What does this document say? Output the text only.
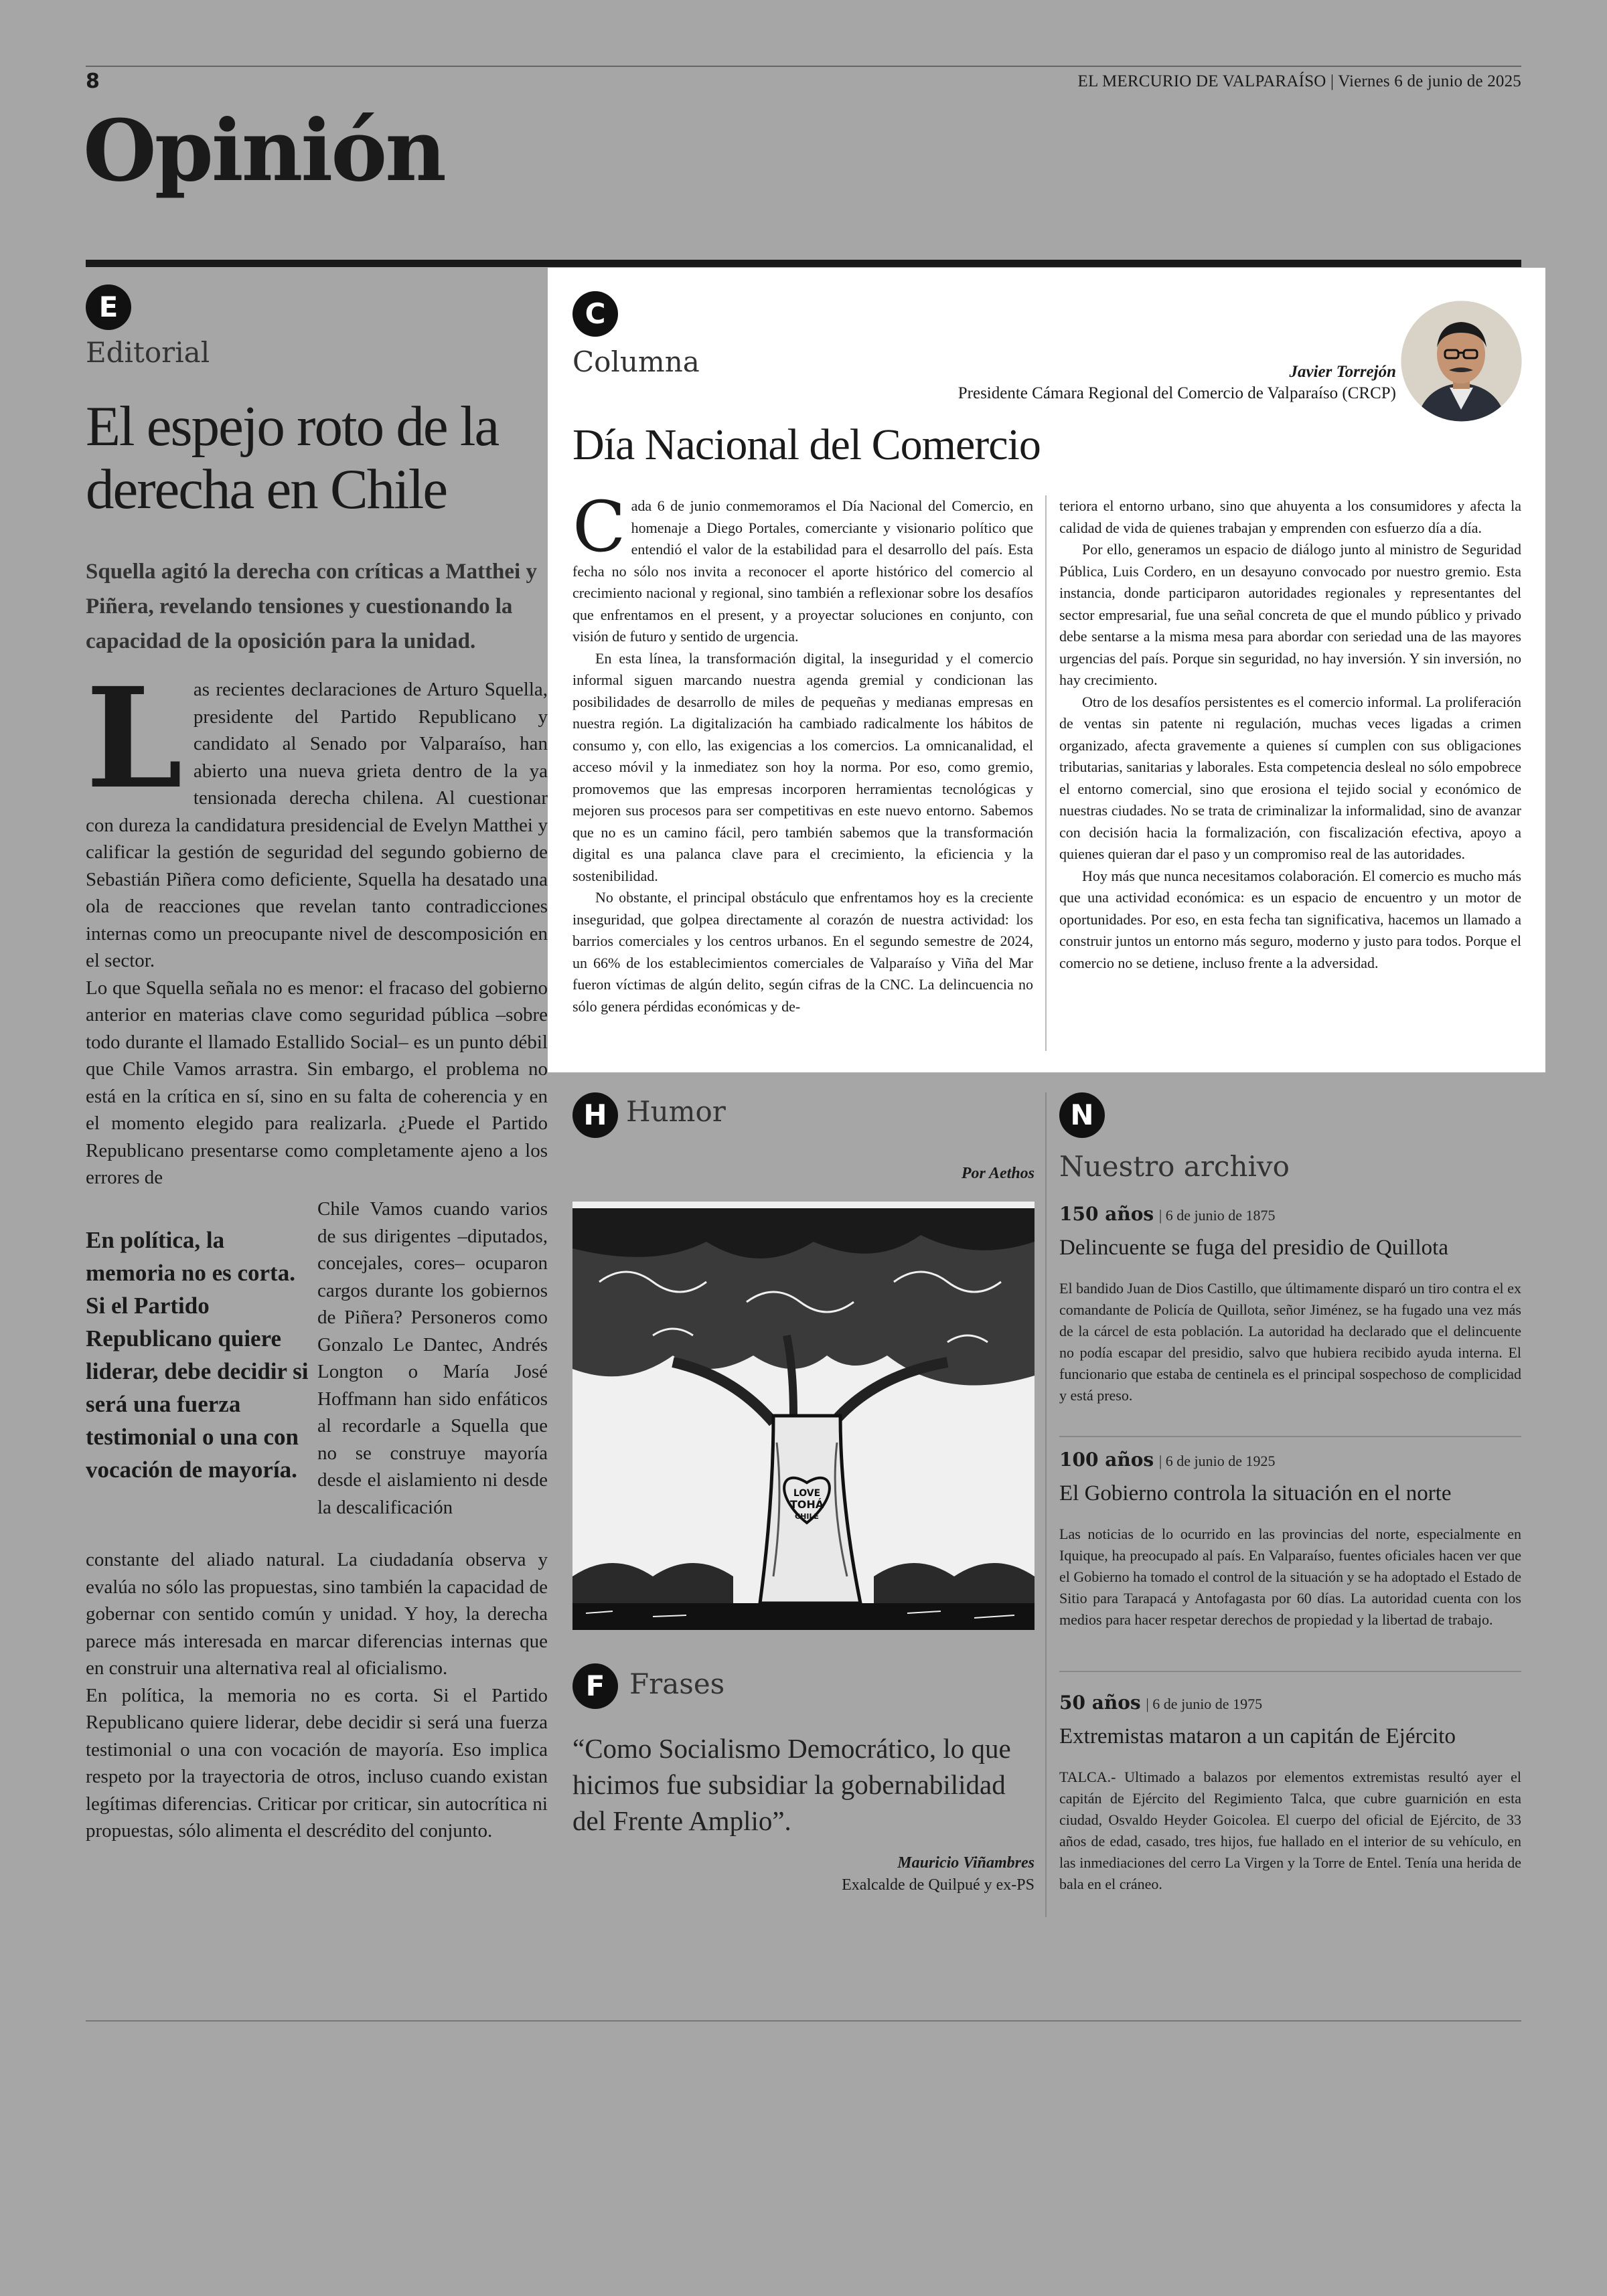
8	EL MERCURIO DE VALPARAÍSO | Viernes 6 de junio de 2025
Opinión
E
Editorial
El espejo roto de la derecha en Chile
Squella agitó la derecha con críticas a Matthei y Piñera, revelando tensiones y cuestionando la capacidad de la oposición para la unidad.
L as recientes declaraciones de Arturo Squella, presidente del Partido Republicano y candidato al Senado por Valparaíso, han abierto una nueva grieta dentro de la ya tensionada derecha chilena. Al cuestionar con dureza la candidatura presidencial de Evelyn Matthei y calificar la gestión de seguridad del segundo gobierno de Sebastián Piñera como deficiente, Squella ha desatado una ola de reacciones que revelan tanto contradicciones internas como un preocupante nivel de descomposición en el sector.

Lo que Squella señala no es menor: el fracaso del gobierno anterior en materias clave como seguridad pública –sobre todo durante el llamado Estallido Social– es un punto débil que Chile Vamos arrastra. Sin embargo, el problema no está en la crítica en sí, sino en su falta de coherencia y en el momento elegido para realizarla. ¿Puede el Partido Republicano presentarse como completamente ajeno a los errores de

En política, la memoria no es corta. Si el Partido Republicano quiere liderar, debe decidir si será una fuerza testimonial o una con vocación de mayoría.
Chile Vamos cuando varios de sus dirigentes –diputados, concejales, cores– ocuparon cargos durante los gobiernos de Piñera? Personeros como Gonzalo Le Dantec, Andrés Longton o María José Hoffmann han sido enfáticos al recordarle a Squella que no se construye mayoría desde el aislamiento ni desde la descalificación

constante del aliado natural. La ciudadanía observa y evalúa no sólo las propuestas, sino también la capacidad de gobernar con sentido común y unidad. Y hoy, la derecha parece más interesada en marcar diferencias internas que en construir una alternativa real al oficialismo.

En política, la memoria no es corta. Si el Partido Republicano quiere liderar, debe decidir si será una fuerza testimonial o una con vocación de mayoría. Eso implica respeto por la trayectoria de otros, incluso cuando existan legítimas diferencias. Criticar por criticar, sin autocrítica ni propuestas, sólo alimenta el descrédito del conjunto.

C
Columna	Javier Torrejón
Presidente Cámara Regional del Comercio de Valparaíso (CRCP)
Día Nacional del Comercio

Cada 6 de junio conmemoramos el Día Nacional del Comercio, en homenaje a Diego Portales, comerciante y visionario político que entendió el valor de la estabilidad para el desarrollo del país. Esta fecha no sólo nos invita a reconocer el aporte histórico del comercio al crecimiento nacional y regional, sino también a reflexionar sobre los desafíos que enfrentamos en el present, y a proyectar soluciones en conjunto, con visión de futuro y sentido de urgencia.

En esta línea, la transformación digital, la inseguridad y el comercio informal siguen marcando nuestra agenda gremial y condicionan las posibilidades de desarrollo de miles de pequeñas y medianas empresas en nuestra región. La digitalización ha cambiado radicalmente los hábitos de consumo y, con ello, las exigencias a los comercios. La omnicanalidad, el acceso móvil y la inmediatez son hoy la norma. Por eso, como gremio, promovemos que las empresas incorporen herramientas tecnológicas y mejoren sus procesos para ser competitivas en este nuevo entorno. Sabemos que no es un camino fácil, pero también sabemos que la transformación digital es una palanca clave para el crecimiento, la eficiencia y la sostenibilidad.

No obstante, el principal obstáculo que enfrentamos hoy es la creciente inseguridad, que golpea directamente al corazón de nuestra actividad: los barrios comerciales y los centros urbanos. En el segundo semestre de 2024, un 66% de los establecimientos comerciales de Valparaíso y Viña del Mar fueron víctimas de algún delito, según cifras de la CNC. La delincuencia no sólo genera pérdidas económicas y de-

teriora el entorno urbano, sino que ahuyenta a los consumidores y afecta la calidad de vida de quienes trabajan y emprenden con esfuerzo día a día.

Por ello, generamos un espacio de diálogo junto al ministro de Seguridad Pública, Luis Cordero, en un desayuno convocado por nuestro gremio. Esta instancia, donde participaron autoridades regionales y representantes del sector empresarial, fue una señal concreta de que el mundo público y privado debe sentarse a la misma mesa para abordar con seriedad una de las mayores urgencias del país. Porque sin seguridad, no hay inversión. Y sin inversión, no hay crecimiento.

Otro de los desafíos persistentes es el comercio informal. La proliferación de ventas sin patente ni regulación, muchas veces ligadas a crimen organizado, afecta gravemente a quienes sí cumplen con sus obligaciones tributarias, sanitarias y laborales. Esta competencia desleal no sólo empobrece el entorno comercial, sino que erosiona el tejido social y económico de nuestras ciudades. No se trata de criminalizar la informalidad, sino de avanzar con decisión hacia la formalización, con fiscalización efectiva, apoyo a quienes quieran dar el paso y un compromiso real de las autoridades.

Hoy más que nunca necesitamos colaboración. El comercio es mucho más que una actividad económica: es un espacio de encuentro y un motor de oportunidades. Por eso, en esta fecha tan significativa, hacemos un llamado a construir juntos un entorno más seguro, moderno y justo para todos. Porque el comercio no se detiene, incluso frente a la adversidad.

H Humor
Por Aethos
LOVE
TOHÁ
CHILE
F Frases
“Como Socialismo Democrático, lo que hicimos fue subsidiar la gobernabilidad del Frente Amplio”.
Mauricio Viñambres
Exalcalde de Quilpué y ex-PS
N
Nuestro archivo
150 años | 6 de junio de 1875
Delincuente se fuga del presidio de Quillota
El bandido Juan de Dios Castillo, que últimamente disparó un tiro contra el ex comandante de Policía de Quillota, señor Jiménez, se ha fugado una vez más de la cárcel de esta población. La autoridad ha declarado que el delincuente no podía escapar del presidio, salvo que hubiera recibido ayuda interna. El funcionario que estaba de centinela es el principal sospechoso de complicidad y está preso.
100 años | 6 de junio de 1925
El Gobierno controla la situación en el norte
Las noticias de lo ocurrido en las provincias del norte, especialmente en Iquique, ha preocupado al país. En Valparaíso, fuentes oficiales hacen ver que el Gobierno ha tomado el control de la situación y se ha adoptado el Estado de Sitio para Tarapacá y Antofagasta por 60 días. La autoridad cuenta con los medios para hacer respetar derechos de propiedad y la libertad de trabajo.
50 años | 6 de junio de 1975
Extremistas mataron a un capitán de Ejército
TALCA.- Ultimado a balazos por elementos extremistas resultó ayer el capitán de Ejército del Regimiento Talca, que cubre guarnición en esta ciudad, Osvaldo Heyder Goicolea. El cuerpo del oficial de Ejército, de 33 años de edad, casado, tres hijos, fue hallado en el interior de su vehículo, en las inmediaciones del cerro La Virgen y la Torre de Entel. Tenía una herida de bala en el cráneo.
